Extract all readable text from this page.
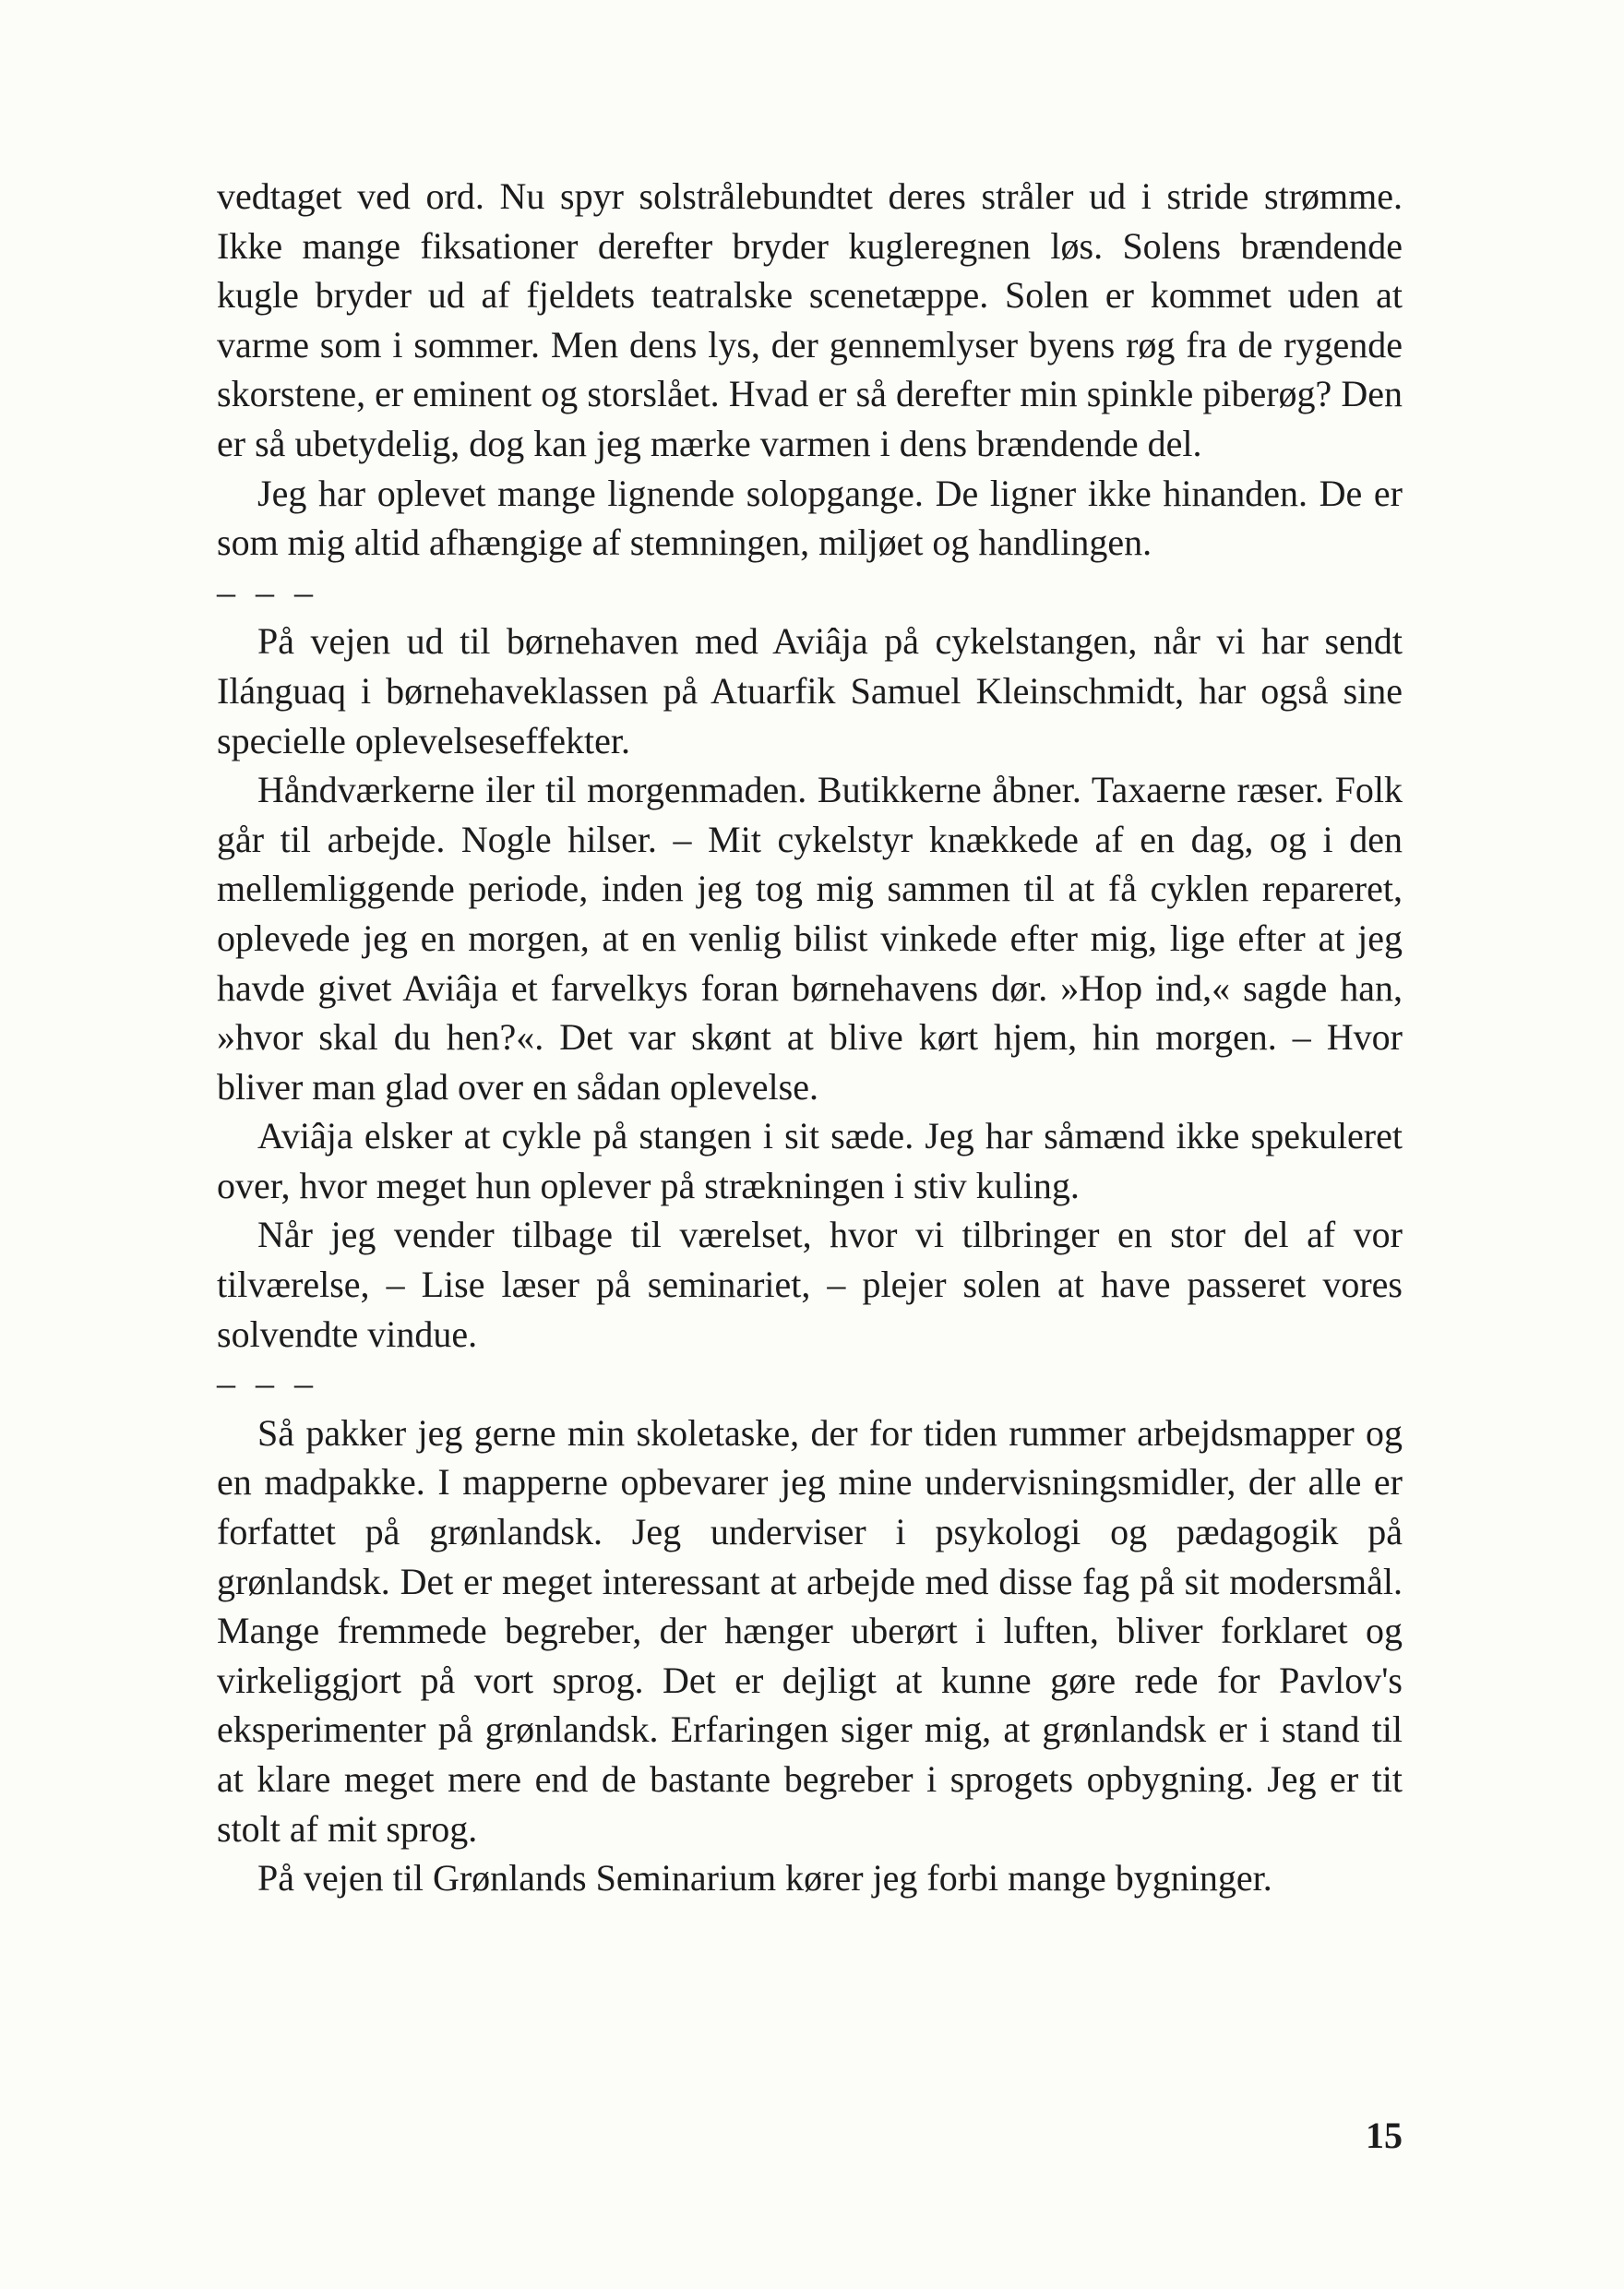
vedtaget ved ord. Nu spyr solstrålebundtet deres stråler ud i stride strømme. Ikke mange fiksationer derefter bryder kugleregnen løs. Solens brændende kugle bryder ud af fjeldets teatralske scenetæppe. Solen er kommet uden at varme som i sommer. Men dens lys, der gennemlyser byens røg fra de rygende skorstene, er eminent og storslået. Hvad er så derefter min spinkle piberøg? Den er så ubetydelig, dog kan jeg mærke varmen i dens brændende del.

Jeg har oplevet mange lignende solopgange. De ligner ikke hinanden. De er som mig altid afhængige af stemningen, miljøet og handlingen.

– – –

På vejen ud til børnehaven med Aviâja på cykelstangen, når vi har sendt Ilánguaq i børnehaveklassen på Atuarfik Samuel Kleinschmidt, har også sine specielle oplevelseseffekter.

Håndværkerne iler til morgenmaden. Butikkerne åbner. Taxaerne ræser. Folk går til arbejde. Nogle hilser. – Mit cykelstyr knækkede af en dag, og i den mellemliggende periode, inden jeg tog mig sammen til at få cyklen repareret, oplevede jeg en morgen, at en venlig bilist vinkede efter mig, lige efter at jeg havde givet Aviâja et farvelkys foran børnehavens dør. »Hop ind,« sagde han, »hvor skal du hen?«. Det var skønt at blive kørt hjem, hin morgen. – Hvor bliver man glad over en sådan oplevelse.

Aviâja elsker at cykle på stangen i sit sæde. Jeg har såmænd ikke spekuleret over, hvor meget hun oplever på strækningen i stiv kuling.

Når jeg vender tilbage til værelset, hvor vi tilbringer en stor del af vor tilværelse, – Lise læser på seminariet, – plejer solen at have passeret vores solvendte vindue.

– – –

Så pakker jeg gerne min skoletaske, der for tiden rummer arbejdsmapper og en madpakke. I mapperne opbevarer jeg mine undervisningsmidler, der alle er forfattet på grønlandsk. Jeg underviser i psykologi og pædagogik på grønlandsk. Det er meget interessant at arbejde med disse fag på sit modersmål. Mange fremmede begreber, der hænger uberørt i luften, bliver forklaret og virkeliggjort på vort sprog. Det er dejligt at kunne gøre rede for Pavlov's eksperimenter på grønlandsk. Erfaringen siger mig, at grønlandsk er i stand til at klare meget mere end de bastante begreber i sprogets opbygning. Jeg er tit stolt af mit sprog.

På vejen til Grønlands Seminarium kører jeg forbi mange bygninger.

15
